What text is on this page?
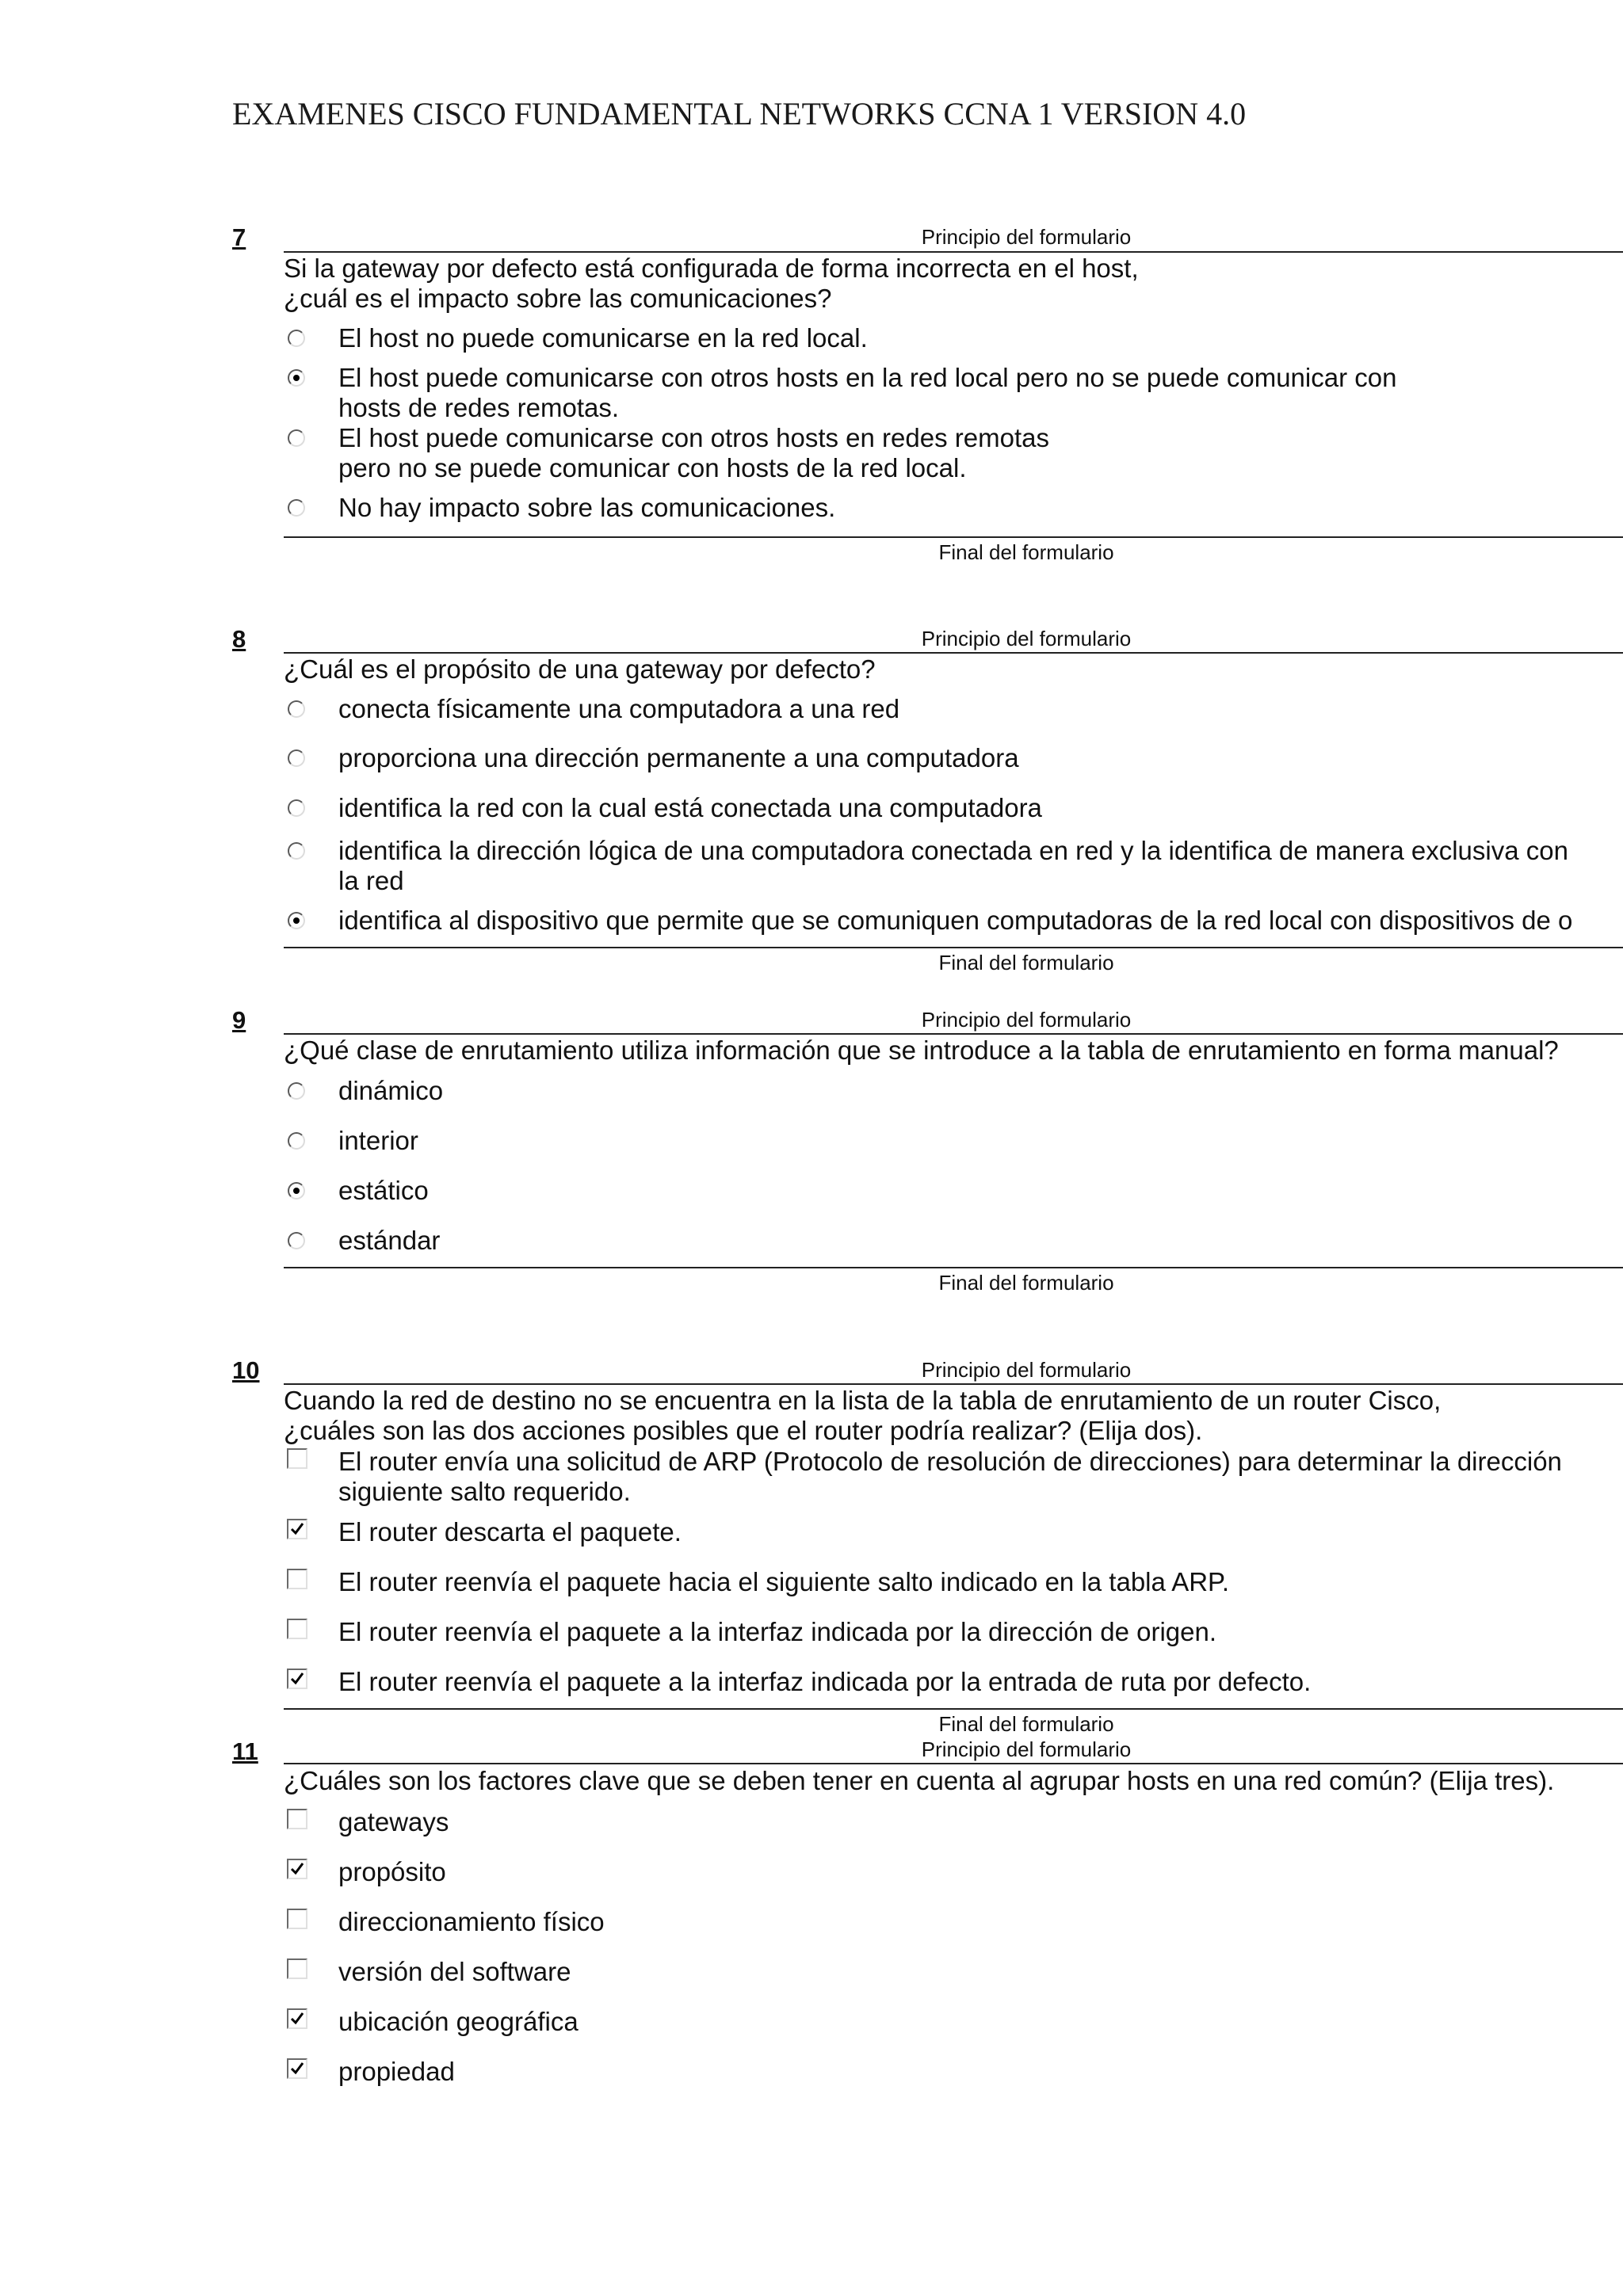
EXAMENES CISCO FUNDAMENTAL NETWORKS CCNA 1 VERSION 4.0
7	Principio del formulario
Si la gateway por defecto está configurada de forma incorrecta en el host,
¿cuál es el impacto sobre las comunicaciones?
El host no puede comunicarse en la red local.
El host puede comunicarse con otros hosts en la red local pero no se puede comunicar con
hosts de redes remotas.
El host puede comunicarse con otros hosts en redes remotas
pero no se puede comunicar con hosts de la red local.
No hay impacto sobre las comunicaciones.
Final del formulario
8	Principio del formulario
¿Cuál es el propósito de una gateway por defecto?
conecta físicamente una computadora a una red
proporciona una dirección permanente a una computadora
identifica la red con la cual está conectada una computadora
identifica la dirección lógica de una computadora conectada en red y la identifica de manera exclusiva con
la red
identifica al dispositivo que permite que se comuniquen computadoras de la red local con dispositivos de o
Final del formulario
9	Principio del formulario
¿Qué clase de enrutamiento utiliza información que se introduce a la tabla de enrutamiento en forma manual?
dinámico
interior
estático
estándar
Final del formulario
10	Principio del formulario
Cuando la red de destino no se encuentra en la lista de la tabla de enrutamiento de un router Cisco,
¿cuáles son las dos acciones posibles que el router podría realizar? (Elija dos).
El router envía una solicitud de ARP (Protocolo de resolución de direcciones) para determinar la dirección
siguiente salto requerido.
El router descarta el paquete.
El router reenvía el paquete hacia el siguiente salto indicado en la tabla ARP.
El router reenvía el paquete a la interfaz indicada por la dirección de origen.
El router reenvía el paquete a la interfaz indicada por la entrada de ruta por defecto.
Final del formulario
11	Principio del formulario
¿Cuáles son los factores clave que se deben tener en cuenta al agrupar hosts en una red común? (Elija tres).
gateways
propósito
direccionamiento físico
versión del software
ubicación geográfica
propiedad
